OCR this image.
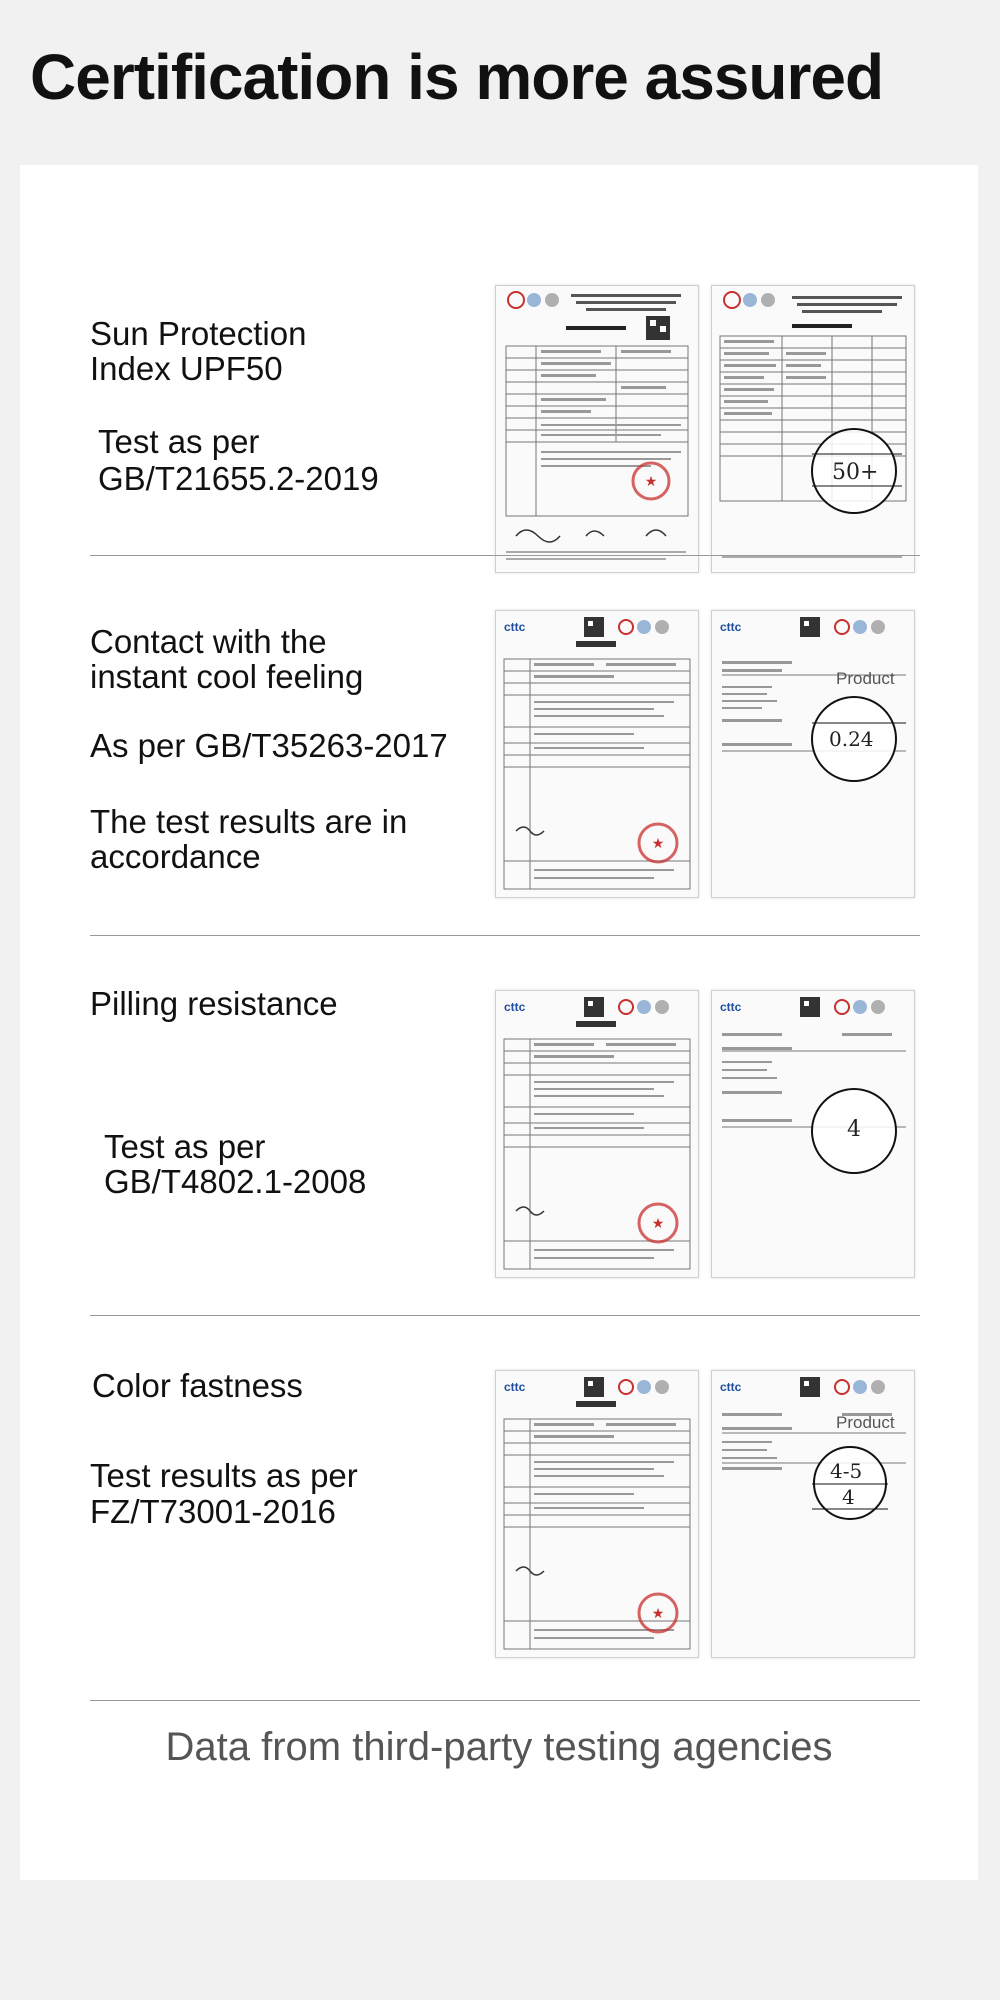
Certification is more assured
Sun Protection
Index UPF50
Test as per
GB/T21655.2-2019	★	50+
Contact with the
instant cool feeling
As per GB/T35263-2017
The test results are in
accordance
cttc
★
cttc
Product
0.24
Pilling resistance
Test as per
GB/T4802.1-2008
cttc
★
cttc
4
Color fastness
Test results as per
FZ/T73001-2016
cttc
★
cttc
Product
4-5
4
Data from third-party testing agencies
